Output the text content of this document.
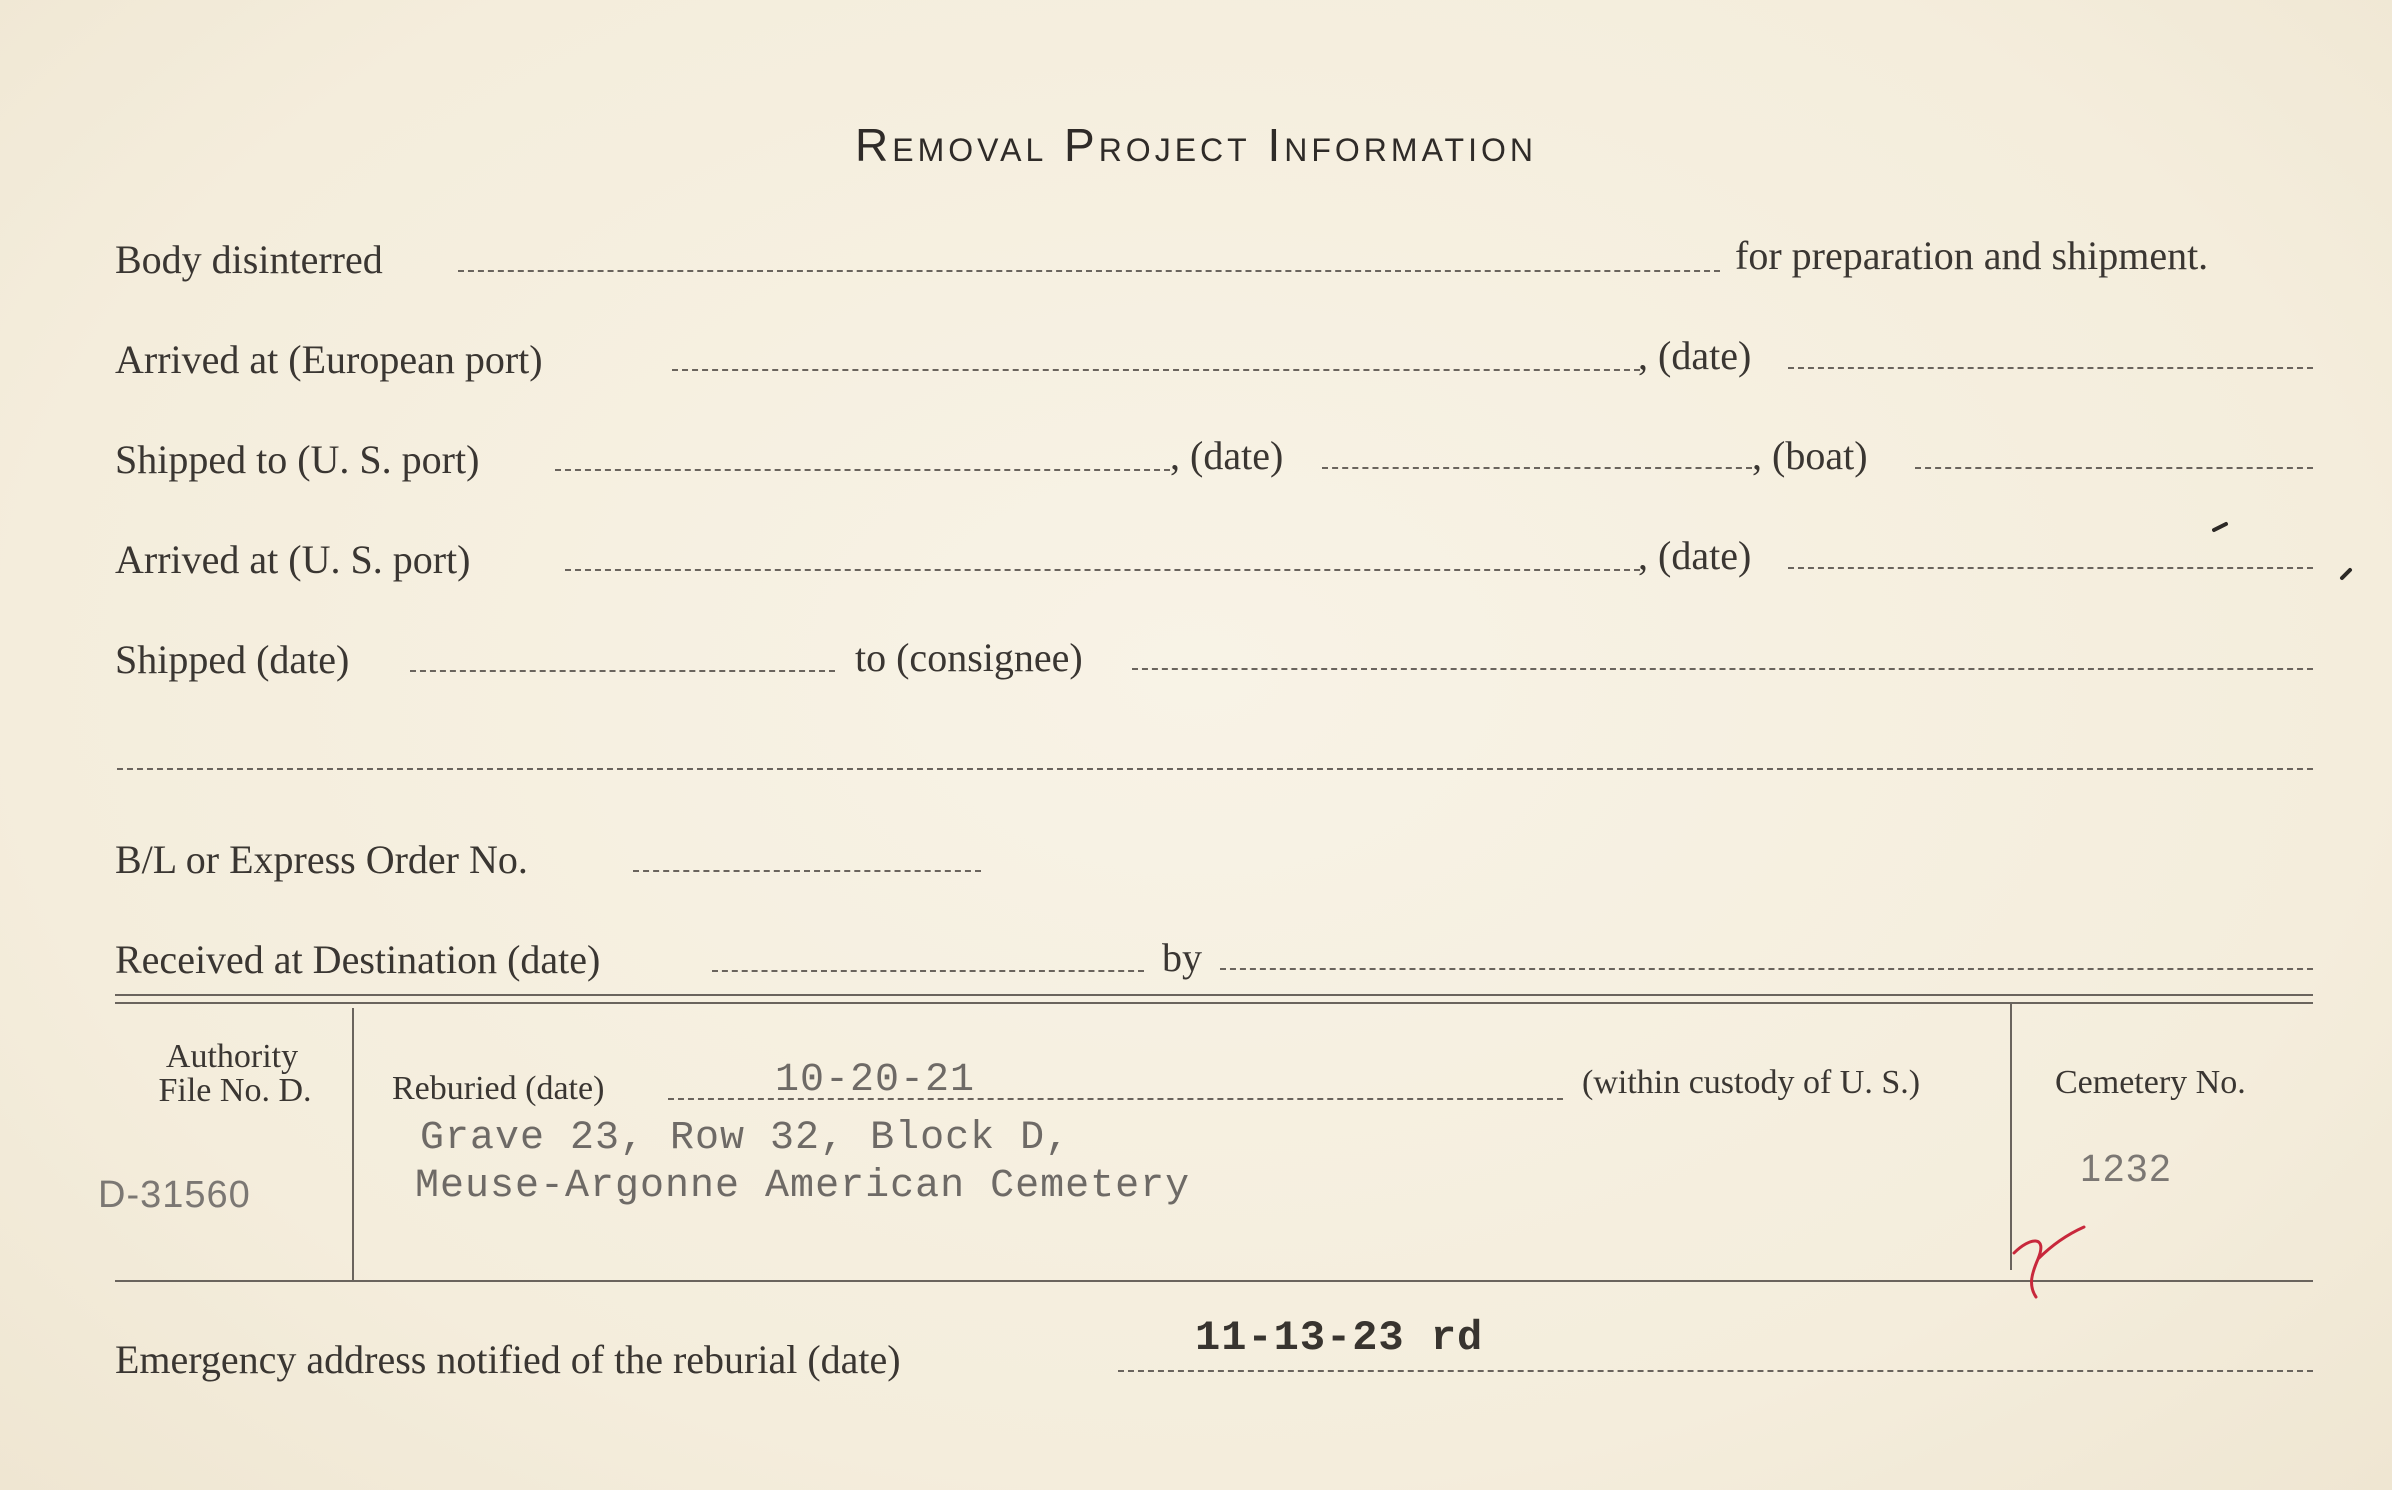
Removal Project Information
Body disinterred	for preparation and shipment.
Arrived at (European port)	, (date)
Shipped to (U. S. port)	, (date)	, (boat)
Arrived at (U. S. port)	, (date)
Shipped (date)	to (consignee)
B/L or Express Order No.
Received at Destination (date)	by
Authority
File No. D.
D-31560
Reburied (date)	10-20-21	(within custody of U. S.)
Grave 23, Row 32, Block D,
Meuse-Argonne American Cemetery
Cemetery No.
1232
Emergency address notified of the reburial (date)	11-13-23 rd
